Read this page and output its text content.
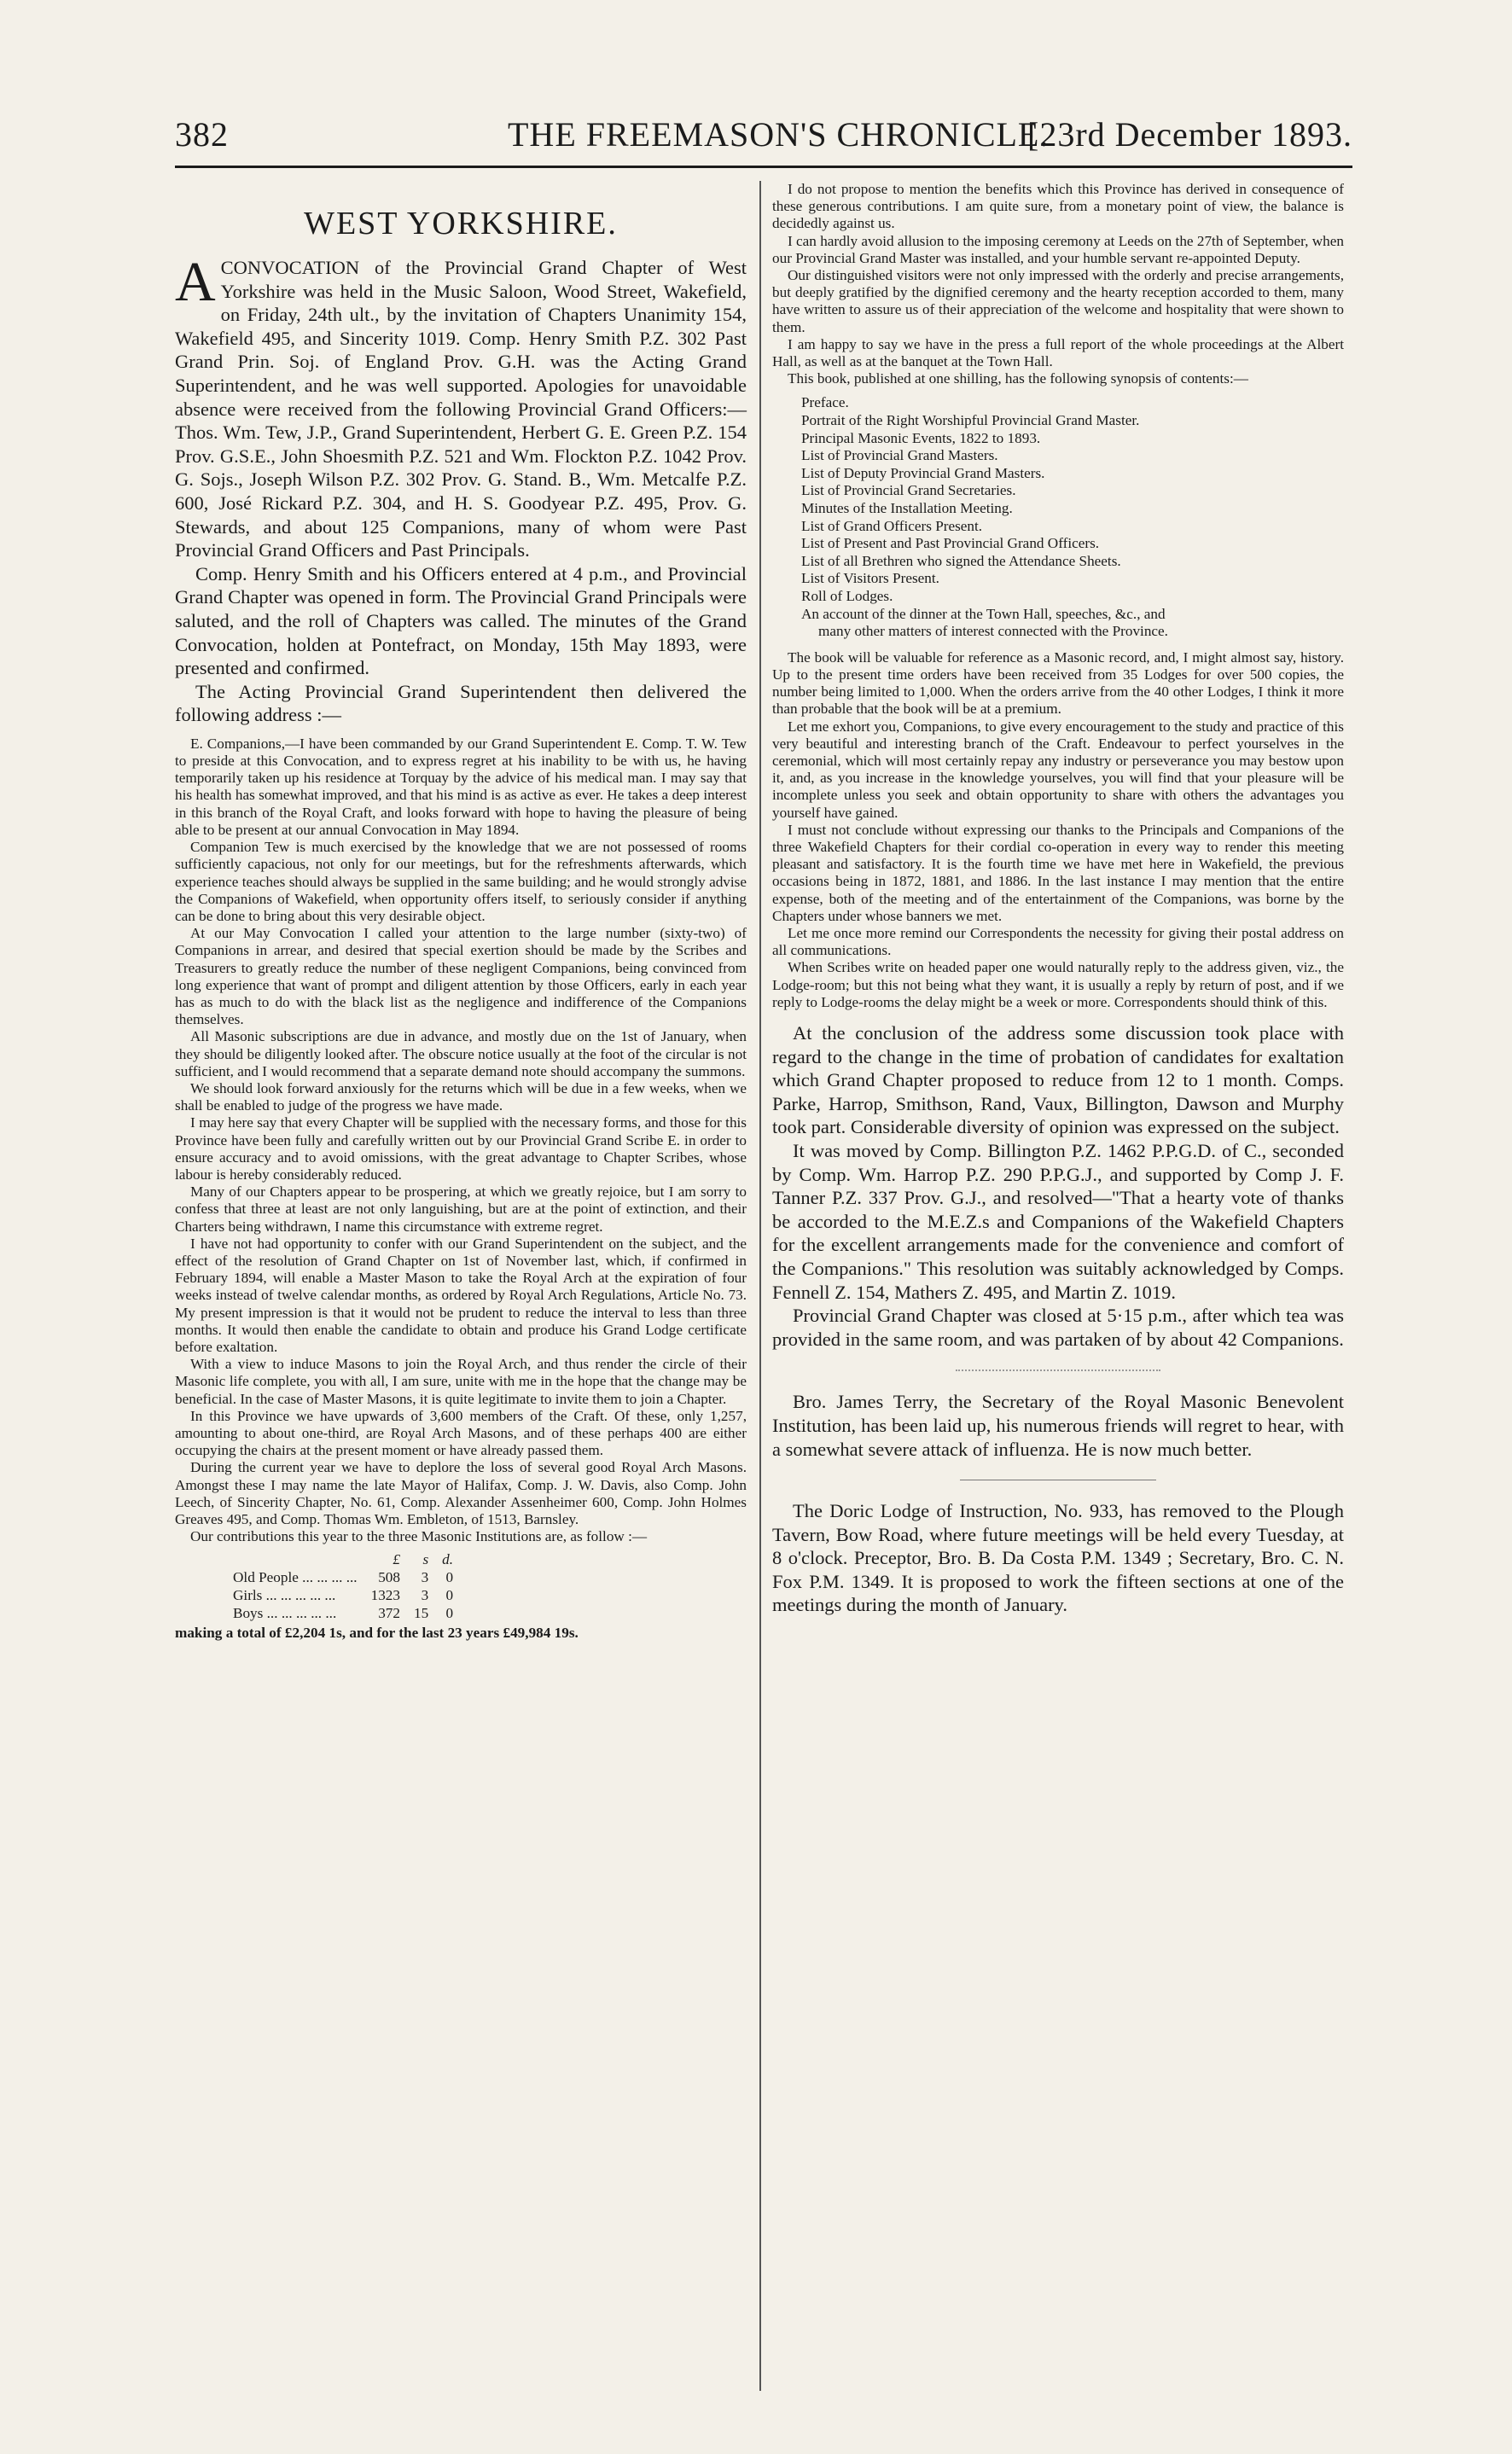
382	THE FREEMASON'S CHRONICLE.
[23rd December 1893.
WEST YORKSHIRE.

ACONVOCATION of the Provincial Grand Chapter of West Yorkshire was held in the Music Saloon, Wood Street, Wakefield, on Friday, 24th ult., by the invitation of Chapters Unanimity 154, Wakefield 495, and Sincerity 1019. Comp. Henry Smith P.Z. 302 Past Grand Prin. Soj. of England Prov. G.H. was the Acting Grand Superintendent, and he was well supported. Apologies for unavoidable absence were received from the following Provincial Grand Officers:—Thos. Wm. Tew, J.P., Grand Superintendent, Herbert G. E. Green P.Z. 154 Prov. G.S.E., John Shoesmith P.Z. 521 and Wm. Flockton P.Z. 1042 Prov. G. Sojs., Joseph Wilson P.Z. 302 Prov. G. Stand. B., Wm. Metcalfe P.Z. 600, José Rickard P.Z. 304, and H. S. Goodyear P.Z. 495, Prov. G. Stewards, and about 125 Companions, many of whom were Past Provincial Grand Officers and Past Principals.

Comp. Henry Smith and his Officers entered at 4 p.m., and Provincial Grand Chapter was opened in form. The Provincial Grand Principals were saluted, and the roll of Chapters was called. The minutes of the Grand Convocation, holden at Pontefract, on Monday, 15th May 1893, were presented and confirmed.

The Acting Provincial Grand Superintendent then delivered the following address :—

E. Companions,—I have been commanded by our Grand Superintendent E. Comp. T. W. Tew to preside at this Convocation, and to express regret at his inability to be with us, he having temporarily taken up his residence at Torquay by the advice of his medical man. I may say that his health has somewhat improved, and that his mind is as active as ever. He takes a deep interest in this branch of the Royal Craft, and looks forward with hope to having the pleasure of being able to be present at our annual Convocation in May 1894.

Companion Tew is much exercised by the knowledge that we are not possessed of rooms sufficiently capacious, not only for our meetings, but for the refreshments afterwards, which experience teaches should always be supplied in the same building; and he would strongly advise the Companions of Wakefield, when opportunity offers itself, to seriously consider if anything can be done to bring about this very desirable object.

At our May Convocation I called your attention to the large number (sixty-two) of Companions in arrear, and desired that special exertion should be made by the Scribes and Treasurers to greatly reduce the number of these negligent Companions, being convinced from long experience that want of prompt and diligent attention by those Officers, early in each year has as much to do with the black list as the negligence and indifference of the Companions themselves.

All Masonic subscriptions are due in advance, and mostly due on the 1st of January, when they should be diligently looked after. The obscure notice usually at the foot of the circular is not sufficient, and I would recommend that a separate demand note should accompany the summons.

We should look forward anxiously for the returns which will be due in a few weeks, when we shall be enabled to judge of the progress we have made.

I may here say that every Chapter will be supplied with the necessary forms, and those for this Province have been fully and carefully written out by our Provincial Grand Scribe E. in order to ensure accuracy and to avoid omissions, with the great advantage to Chapter Scribes, whose labour is hereby considerably reduced.

Many of our Chapters appear to be prospering, at which we greatly rejoice, but I am sorry to confess that three at least are not only languishing, but are at the point of extinction, and their Charters being withdrawn, I name this circumstance with extreme regret.

I have not had opportunity to confer with our Grand Superintendent on the subject, and the effect of the resolution of Grand Chapter on 1st of November last, which, if confirmed in February 1894, will enable a Master Mason to take the Royal Arch at the expiration of four weeks instead of twelve calendar months, as ordered by Royal Arch Regulations, Article No. 73. My present impression is that it would not be prudent to reduce the interval to less than three months. It would then enable the candidate to obtain and produce his Grand Lodge certificate before exaltation.

With a view to induce Masons to join the Royal Arch, and thus render the circle of their Masonic life complete, you with all, I am sure, unite with me in the hope that the change may be beneficial. In the case of Master Masons, it is quite legitimate to invite them to join a Chapter.

In this Province we have upwards of 3,600 members of the Craft. Of these, only 1,257, amounting to about one-third, are Royal Arch Masons, and of these perhaps 400 are either occupying the chairs at the present moment or have already passed them.

During the current year we have to deplore the loss of several good Royal Arch Masons. Amongst these I may name the late Mayor of Halifax, Comp. J. W. Davis, also Comp. John Leech, of Sincerity Chapter, No. 61, Comp. Alexander Assenheimer 600, Comp. John Holmes Greaves 495, and Comp. Thomas Wm. Embleton, of 1513, Barnsley.

Our contributions this year to the three Masonic Institutions are, as follow :—

	£	s	d.
Old People ... ... ... ...	508	3	0
Girls ... ... ... ... ...	1323	3	0
Boys ... ... ... ... ...	372	15	0
making a total of £2,204 1s, and for the last 23 years £49,984 19s.

I do not propose to mention the benefits which this Province has derived in consequence of these generous contributions. I am quite sure, from a monetary point of view, the balance is decidedly against us.

I can hardly avoid allusion to the imposing ceremony at Leeds on the 27th of September, when our Provincial Grand Master was installed, and your humble servant re-appointed Deputy.

Our distinguished visitors were not only impressed with the orderly and precise arrangements, but deeply gratified by the dignified ceremony and the hearty reception accorded to them, many have written to assure us of their appreciation of the welcome and hospitality that were shown to them.

I am happy to say we have in the press a full report of the whole proceedings at the Albert Hall, as well as at the banquet at the Town Hall.

This book, published at one shilling, has the following synopsis of contents:—

Preface.
Portrait of the Right Worshipful Provincial Grand Master.
Principal Masonic Events, 1822 to 1893.
List of Provincial Grand Masters.
List of Deputy Provincial Grand Masters.
List of Provincial Grand Secretaries.
Minutes of the Installation Meeting.
List of Grand Officers Present.
List of Present and Past Provincial Grand Officers.
List of all Brethren who signed the Attendance Sheets.
List of Visitors Present.
Roll of Lodges.
An account of the dinner at the Town Hall, speeches, &c., and
many other matters of interest connected with the Province.

The book will be valuable for reference as a Masonic record, and, I might almost say, history. Up to the present time orders have been received from 35 Lodges for over 500 copies, the number being limited to 1,000. When the orders arrive from the 40 other Lodges, I think it more than probable that the book will be at a premium.

Let me exhort you, Companions, to give every encouragement to the study and practice of this very beautiful and interesting branch of the Craft. Endeavour to perfect yourselves in the ceremonial, which will most certainly repay any industry or perseverance you may bestow upon it, and, as you increase in the knowledge yourselves, you will find that your pleasure will be incomplete unless you seek and obtain opportunity to share with others the advantages you yourself have gained.

I must not conclude without expressing our thanks to the Principals and Companions of the three Wakefield Chapters for their cordial co-operation in every way to render this meeting pleasant and satisfactory. It is the fourth time we have met here in Wakefield, the previous occasions being in 1872, 1881, and 1886. In the last instance I may mention that the entire expense, both of the meeting and of the entertainment of the Companions, was borne by the Chapters under whose banners we met.

Let me once more remind our Correspondents the necessity for giving their postal address on all communications.

When Scribes write on headed paper one would naturally reply to the address given, viz., the Lodge-room; but this not being what they want, it is usually a reply by return of post, and if we reply to Lodge-rooms the delay might be a week or more. Correspondents should think of this.

At the conclusion of the address some discussion took place with regard to the change in the time of probation of candidates for exaltation which Grand Chapter proposed to reduce from 12 to 1 month. Comps. Parke, Harrop, Smithson, Rand, Vaux, Billington, Dawson and Murphy took part. Considerable diversity of opinion was expressed on the subject.

It was moved by Comp. Billington P.Z. 1462 P.P.G.D. of C., seconded by Comp. Wm. Harrop P.Z. 290 P.P.G.J., and supported by Comp J. F. Tanner P.Z. 337 Prov. G.J., and resolved—"That a hearty vote of thanks be accorded to the M.E.Z.s and Companions of the Wakefield Chapters for the excellent arrangements made for the convenience and comfort of the Companions." This resolution was suitably acknowledged by Comps. Fennell Z. 154, Mathers Z. 495, and Martin Z. 1019.

Provincial Grand Chapter was closed at 5·15 p.m., after which tea was provided in the same room, and was partaken of by about 42 Companions.

Bro. James Terry, the Secretary of the Royal Masonic Benevolent Institution, has been laid up, his numerous friends will regret to hear, with a somewhat severe attack of influenza. He is now much better.

The Doric Lodge of Instruction, No. 933, has removed to the Plough Tavern, Bow Road, where future meetings will be held every Tuesday, at 8 o'clock. Preceptor, Bro. B. Da Costa P.M. 1349 ; Secretary, Bro. C. N. Fox P.M. 1349. It is proposed to work the fifteen sections at one of the meetings during the month of January.
